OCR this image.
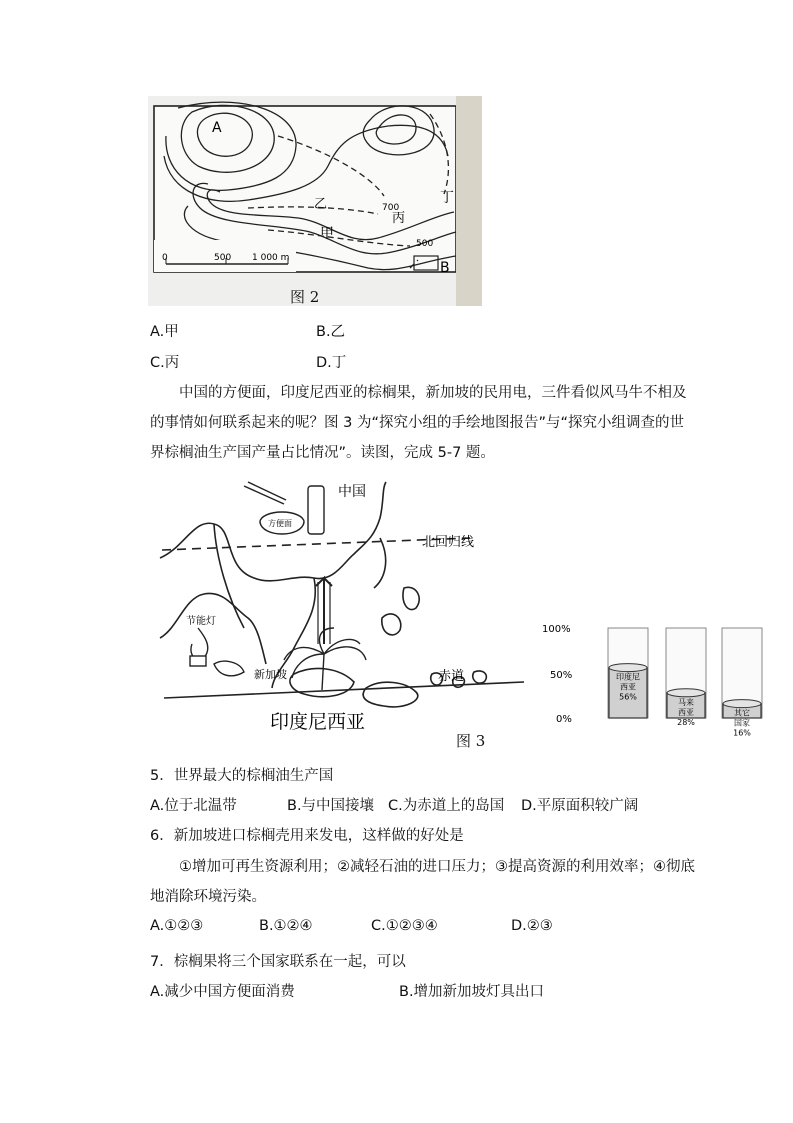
0	500 1 000 m
A
B
甲
乙
丙
丁
700
500
图 2
A.甲	B.乙
C.丙	D.丁
中国的方便面，印度尼西亚的棕榈果，新加坡的民用电，三件看似风马牛不相及的事情如何联系起来的呢？图 3 为“探究小组的手绘地图报告”与“探究小组调查的世界棕榈油生产国产量占比情况”。读图，完成 5-7 题。
中国
北回归线
赤道
印度尼西亚
新加坡
节能灯
方便面
图 3
100%
50%
0%
印度尼
西亚
56%
马来
西亚
28%
其它
国家
16%
5．世界最大的棕榈油生产国
A.位于北温带	B.与中国接壤 C.为赤道上的岛国 D.平原面积较广阔
6．新加坡进口棕榈壳用来发电，这样做的好处是
①增加可再生资源利用；②减轻石油的进口压力；③提高资源的利用效率；④彻底地消除环境污染。
A.①②③	B.①②④	C.①②③④	D.②③
7．棕榈果将三个国家联系在一起，可以
A.减少中国方便面消费	B.增加新加坡灯具出口
